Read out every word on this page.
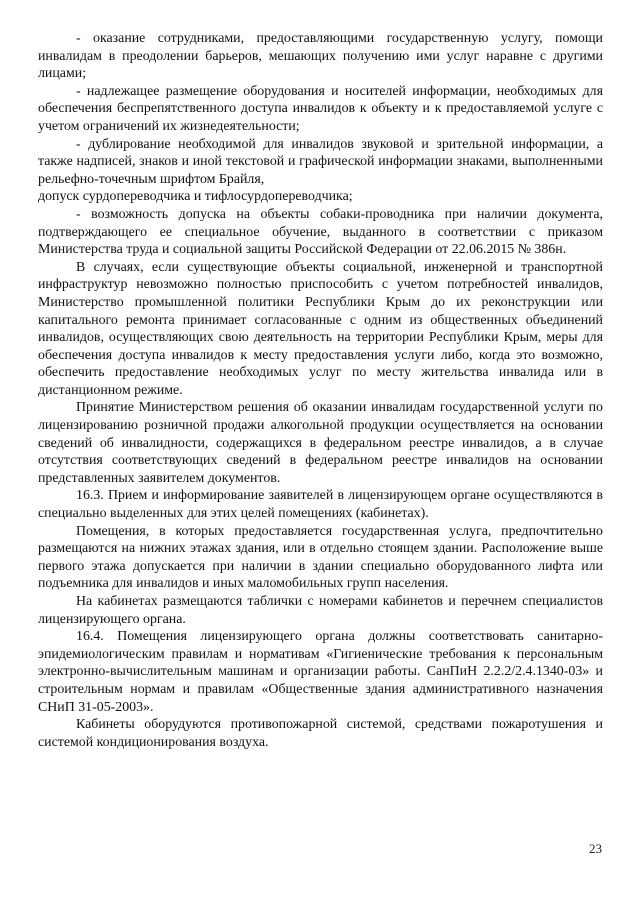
- оказание сотрудниками, предоставляющими государственную услугу, помощи инвалидам в преодолении барьеров, мешающих получению ими услуг наравне с другими лицами;

- надлежащее размещение оборудования и носителей информации, необходимых для обеспечения беспрепятственного доступа инвалидов к объекту и к предоставляемой услуге с учетом ограничений их жизнедеятельности;

- дублирование необходимой для инвалидов звуковой и зрительной информации, а также надписей, знаков и иной текстовой и графической информации знаками, выполненными рельефно-точечным шрифтом Брайля,

допуск сурдопереводчика и тифлосурдопереводчика;

- возможность допуска на объекты собаки-проводника при наличии документа, подтверждающего ее специальное обучение, выданного в соответствии с приказом Министерства труда и социальной защиты Российской Федерации от 22.06.2015 № 386н.

В случаях, если существующие объекты социальной, инженерной и транспортной инфраструктур невозможно полностью приспособить с учетом потребностей инвалидов, Министерство промышленной политики Республики Крым до их реконструкции или капитального ремонта принимает согласованные с одним из общественных объединений инвалидов, осуществляющих свою деятельность на территории Республики Крым, меры для обеспечения доступа инвалидов к месту предоставления услуги либо, когда это возможно, обеспечить предоставление необходимых услуг по месту жительства инвалида или в дистанционном режиме.

Принятие Министерством решения об оказании инвалидам государственной услуги по лицензированию розничной продажи алкогольной продукции осуществляется на основании сведений об инвалидности, содержащихся в федеральном реестре инвалидов, а в случае отсутствия соответствующих сведений в федеральном реестре инвалидов на основании представленных заявителем документов.

16.3. Прием и информирование заявителей в лицензирующем органе осуществляются в специально выделенных для этих целей помещениях (кабинетах).

Помещения, в которых предоставляется государственная услуга, предпочтительно размещаются на нижних этажах здания, или в отдельно стоящем здании. Расположение выше первого этажа допускается при наличии в здании специально оборудованного лифта или подъемника для инвалидов и иных маломобильных групп населения.

На кабинетах размещаются таблички с номерами кабинетов и перечнем специалистов лицензирующего органа.

16.4. Помещения лицензирующего органа должны соответствовать санитарно-эпидемиологическим правилам и нормативам «Гигиенические требования к персональным электронно-вычислительным машинам и организации работы. СанПиН 2.2.2/2.4.1340-03» и строительным нормам и правилам «Общественные здания административного назначения СНиП 31-05-2003».

Кабинеты оборудуются противопожарной системой, средствами пожаротушения и системой кондиционирования воздуха.

23
